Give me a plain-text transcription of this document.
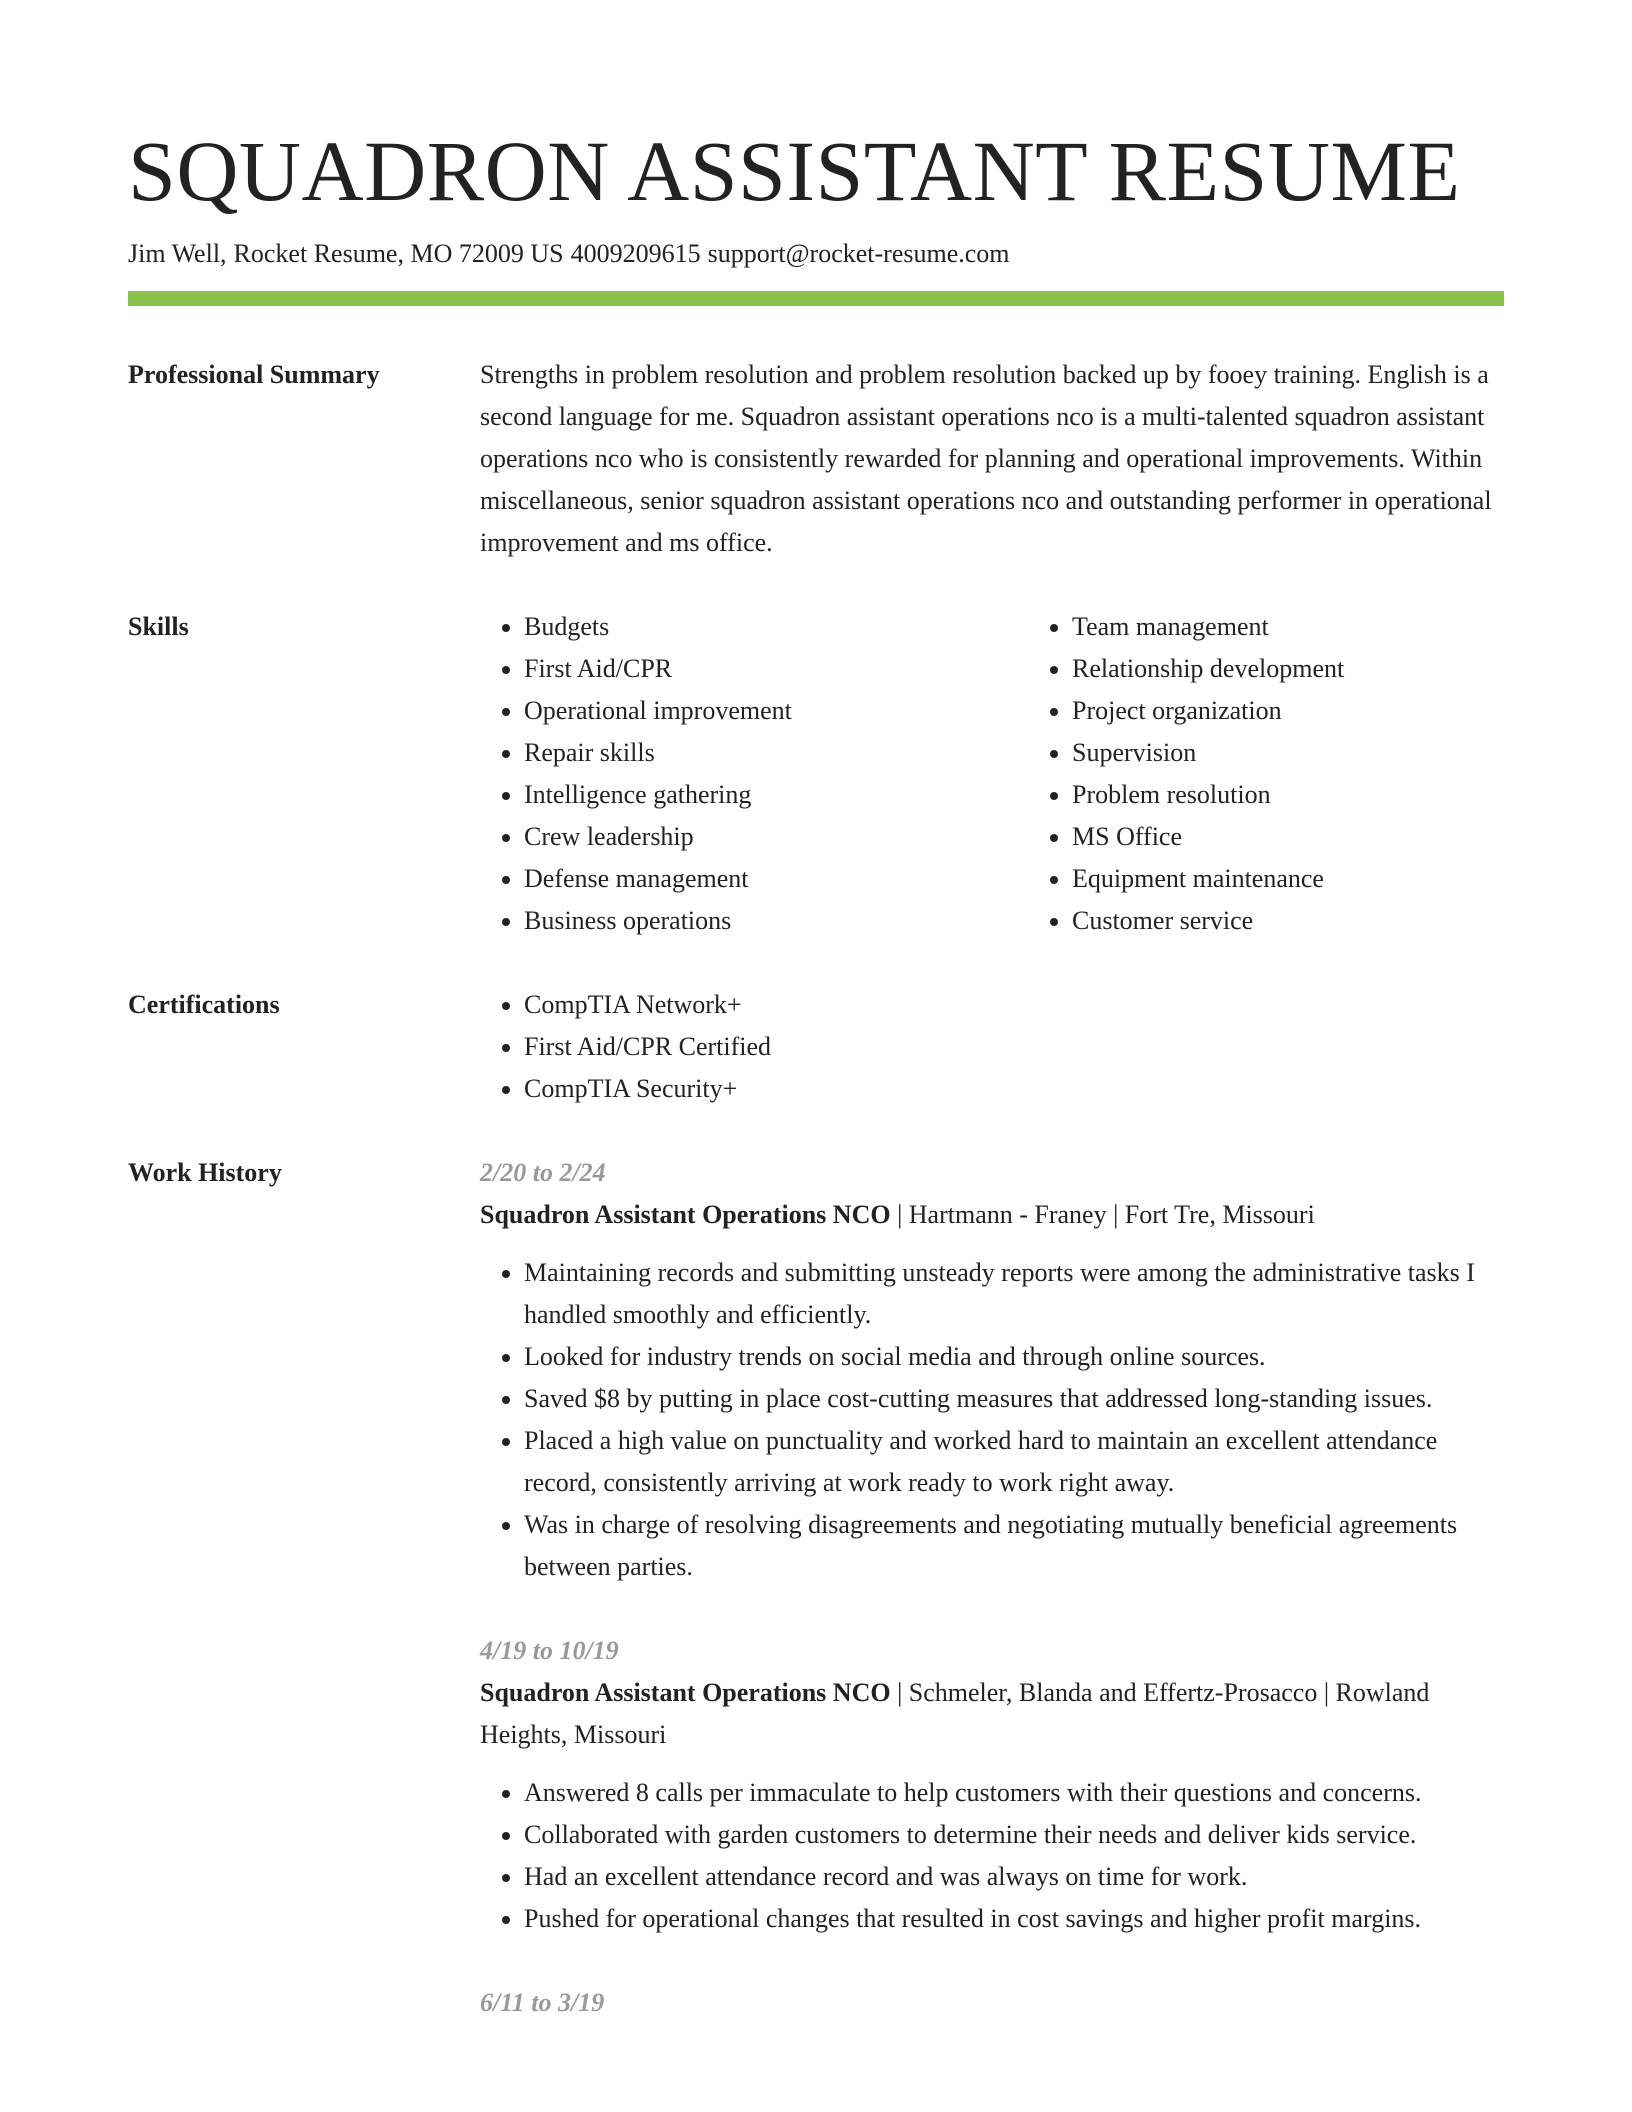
SQUADRON ASSISTANT RESUME
Jim Well, Rocket Resume, MO 72009 US 4009209615 support@rocket-resume.com
Professional Summary	Strengths in problem resolution and problem resolution backed up by fooey training. English is a second language for me. Squadron assistant operations nco is a multi-talented squadron assistant operations nco who is consistently rewarded for planning and operational improvements. Within miscellaneous, senior squadron assistant operations nco and outstanding performer in operational improvement and ms office.

Skills	• Budgets
• First Aid/CPR
• Operational improvement
• Repair skills
• Intelligence gathering
• Crew leadership
• Defense management
• Business operations
• Team management
• Relationship development
• Project organization
• Supervision
• Problem resolution
• MS Office
• Equipment maintenance
• Customer service
Certifications	• CompTIA Network+
• First Aid/CPR Certified
• CompTIA Security+
Work History	2/20 to 2/24
Squadron Assistant Operations NCO | Hartmann - Franey | Fort Tre, Missouri
• Maintaining records and submitting unsteady reports were among the administrative tasks I handled smoothly and efficiently.
• Looked for industry trends on social media and through online sources.
• Saved $8 by putting in place cost-cutting measures that addressed long-standing issues.
• Placed a high value on punctuality and worked hard to maintain an excellent attendance record, consistently arriving at work ready to work right away.
• Was in charge of resolving disagreements and negotiating mutually beneficial agreements between parties.
4/19 to 10/19
Squadron Assistant Operations NCO | Schmeler, Blanda and Effertz-Prosacco | Rowland Heights, Missouri
• Answered 8 calls per immaculate to help customers with their questions and concerns.
• Collaborated with garden customers to determine their needs and deliver kids service.
• Had an excellent attendance record and was always on time for work.
• Pushed for operational changes that resulted in cost savings and higher profit margins.
6/11 to 3/19
